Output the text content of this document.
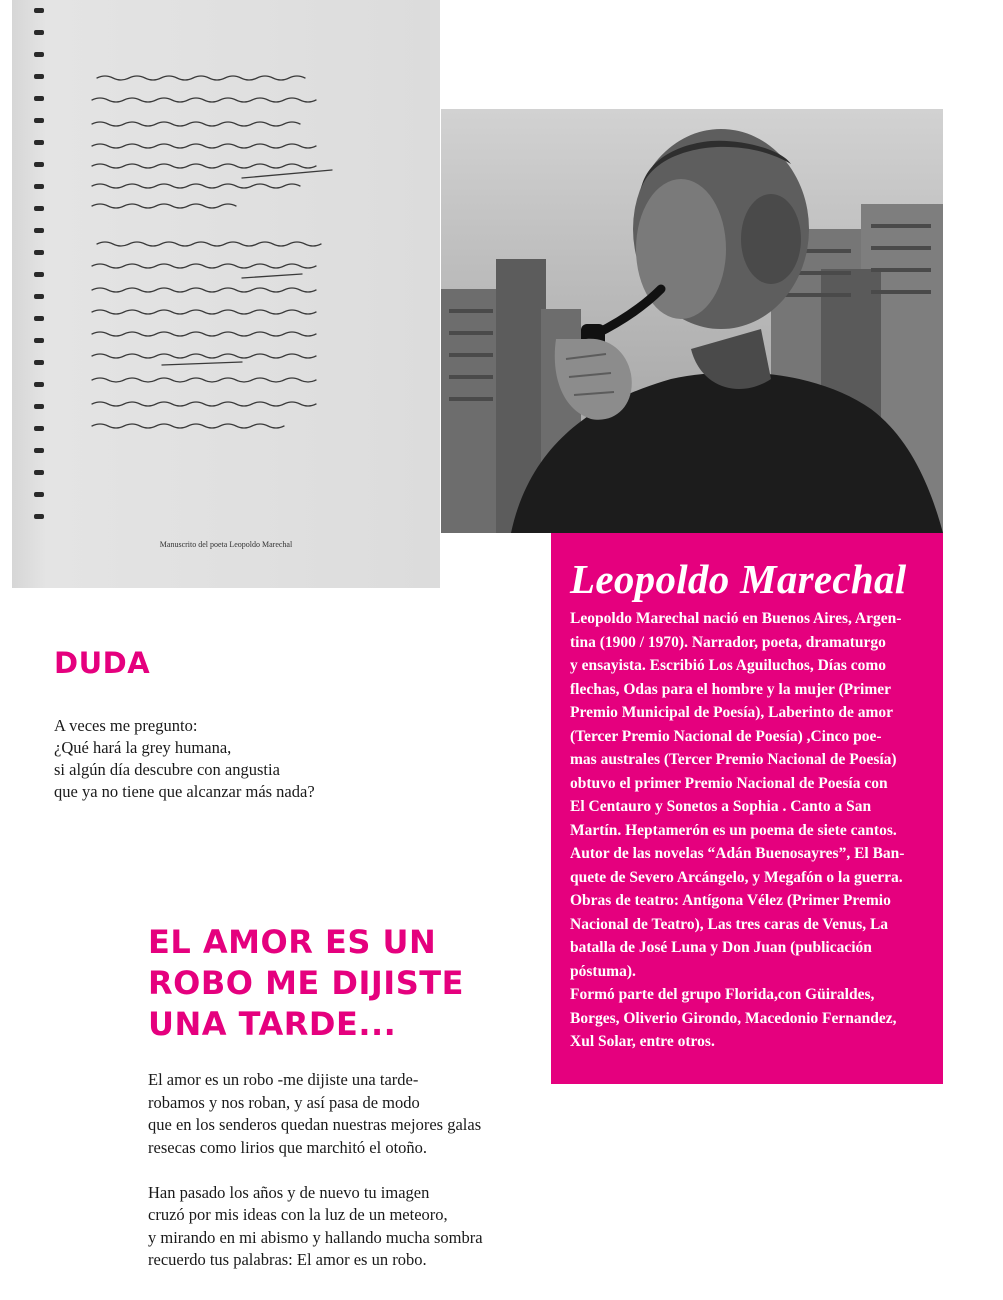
Manuscrito del poeta Leopoldo Marechal
Leopoldo Marechal

Leopoldo Marechal nació en Buenos Aires, Argen-
tina (1900 / 1970). Narrador, poeta, dramaturgo
y ensayista. Escribió Los Aguiluchos, Días como
flechas, Odas para el hombre y la mujer (Primer
Premio Municipal de Poesía), Laberinto de amor
(Tercer Premio Nacional de Poesía) ,Cinco poe-
mas australes (Tercer Premio Nacional de Poesía)
obtuvo el primer Premio Nacional de Poesía con
El Centauro y Sonetos a Sophia . Canto a San
Martín. Heptamerón es un poema de siete cantos.
Autor de las novelas “Adán Buenosayres”, El Ban-
quete de Severo Arcángelo, y Megafón o la guerra.
Obras de teatro: Antígona Vélez (Primer Premio
Nacional de Teatro), Las tres caras de Venus, La
batalla de José Luna y Don Juan (publicación
póstuma).
Formó parte del grupo Florida,con Güiraldes,
Borges, Oliverio Girondo, Macedonio Fernandez,
Xul Solar, entre otros.

DUDA

A veces me pregunto:
¿Qué hará la grey humana,
si algún día descubre con angustia
que ya no tiene que alcanzar más nada?

EL AMOR ES UN ROBO ME DIJISTE UNA TARDE...

El amor es un robo -me dijiste una tarde-
robamos y nos roban, y así pasa de modo
que en los senderos quedan nuestras mejores galas
resecas como lirios que marchitó el otoño.

Han pasado los años y de nuevo tu imagen
cruzó por mis ideas con la luz de un meteoro,
y mirando en mi abismo y hallando mucha sombra
recuerdo tus palabras: El amor es un robo.
